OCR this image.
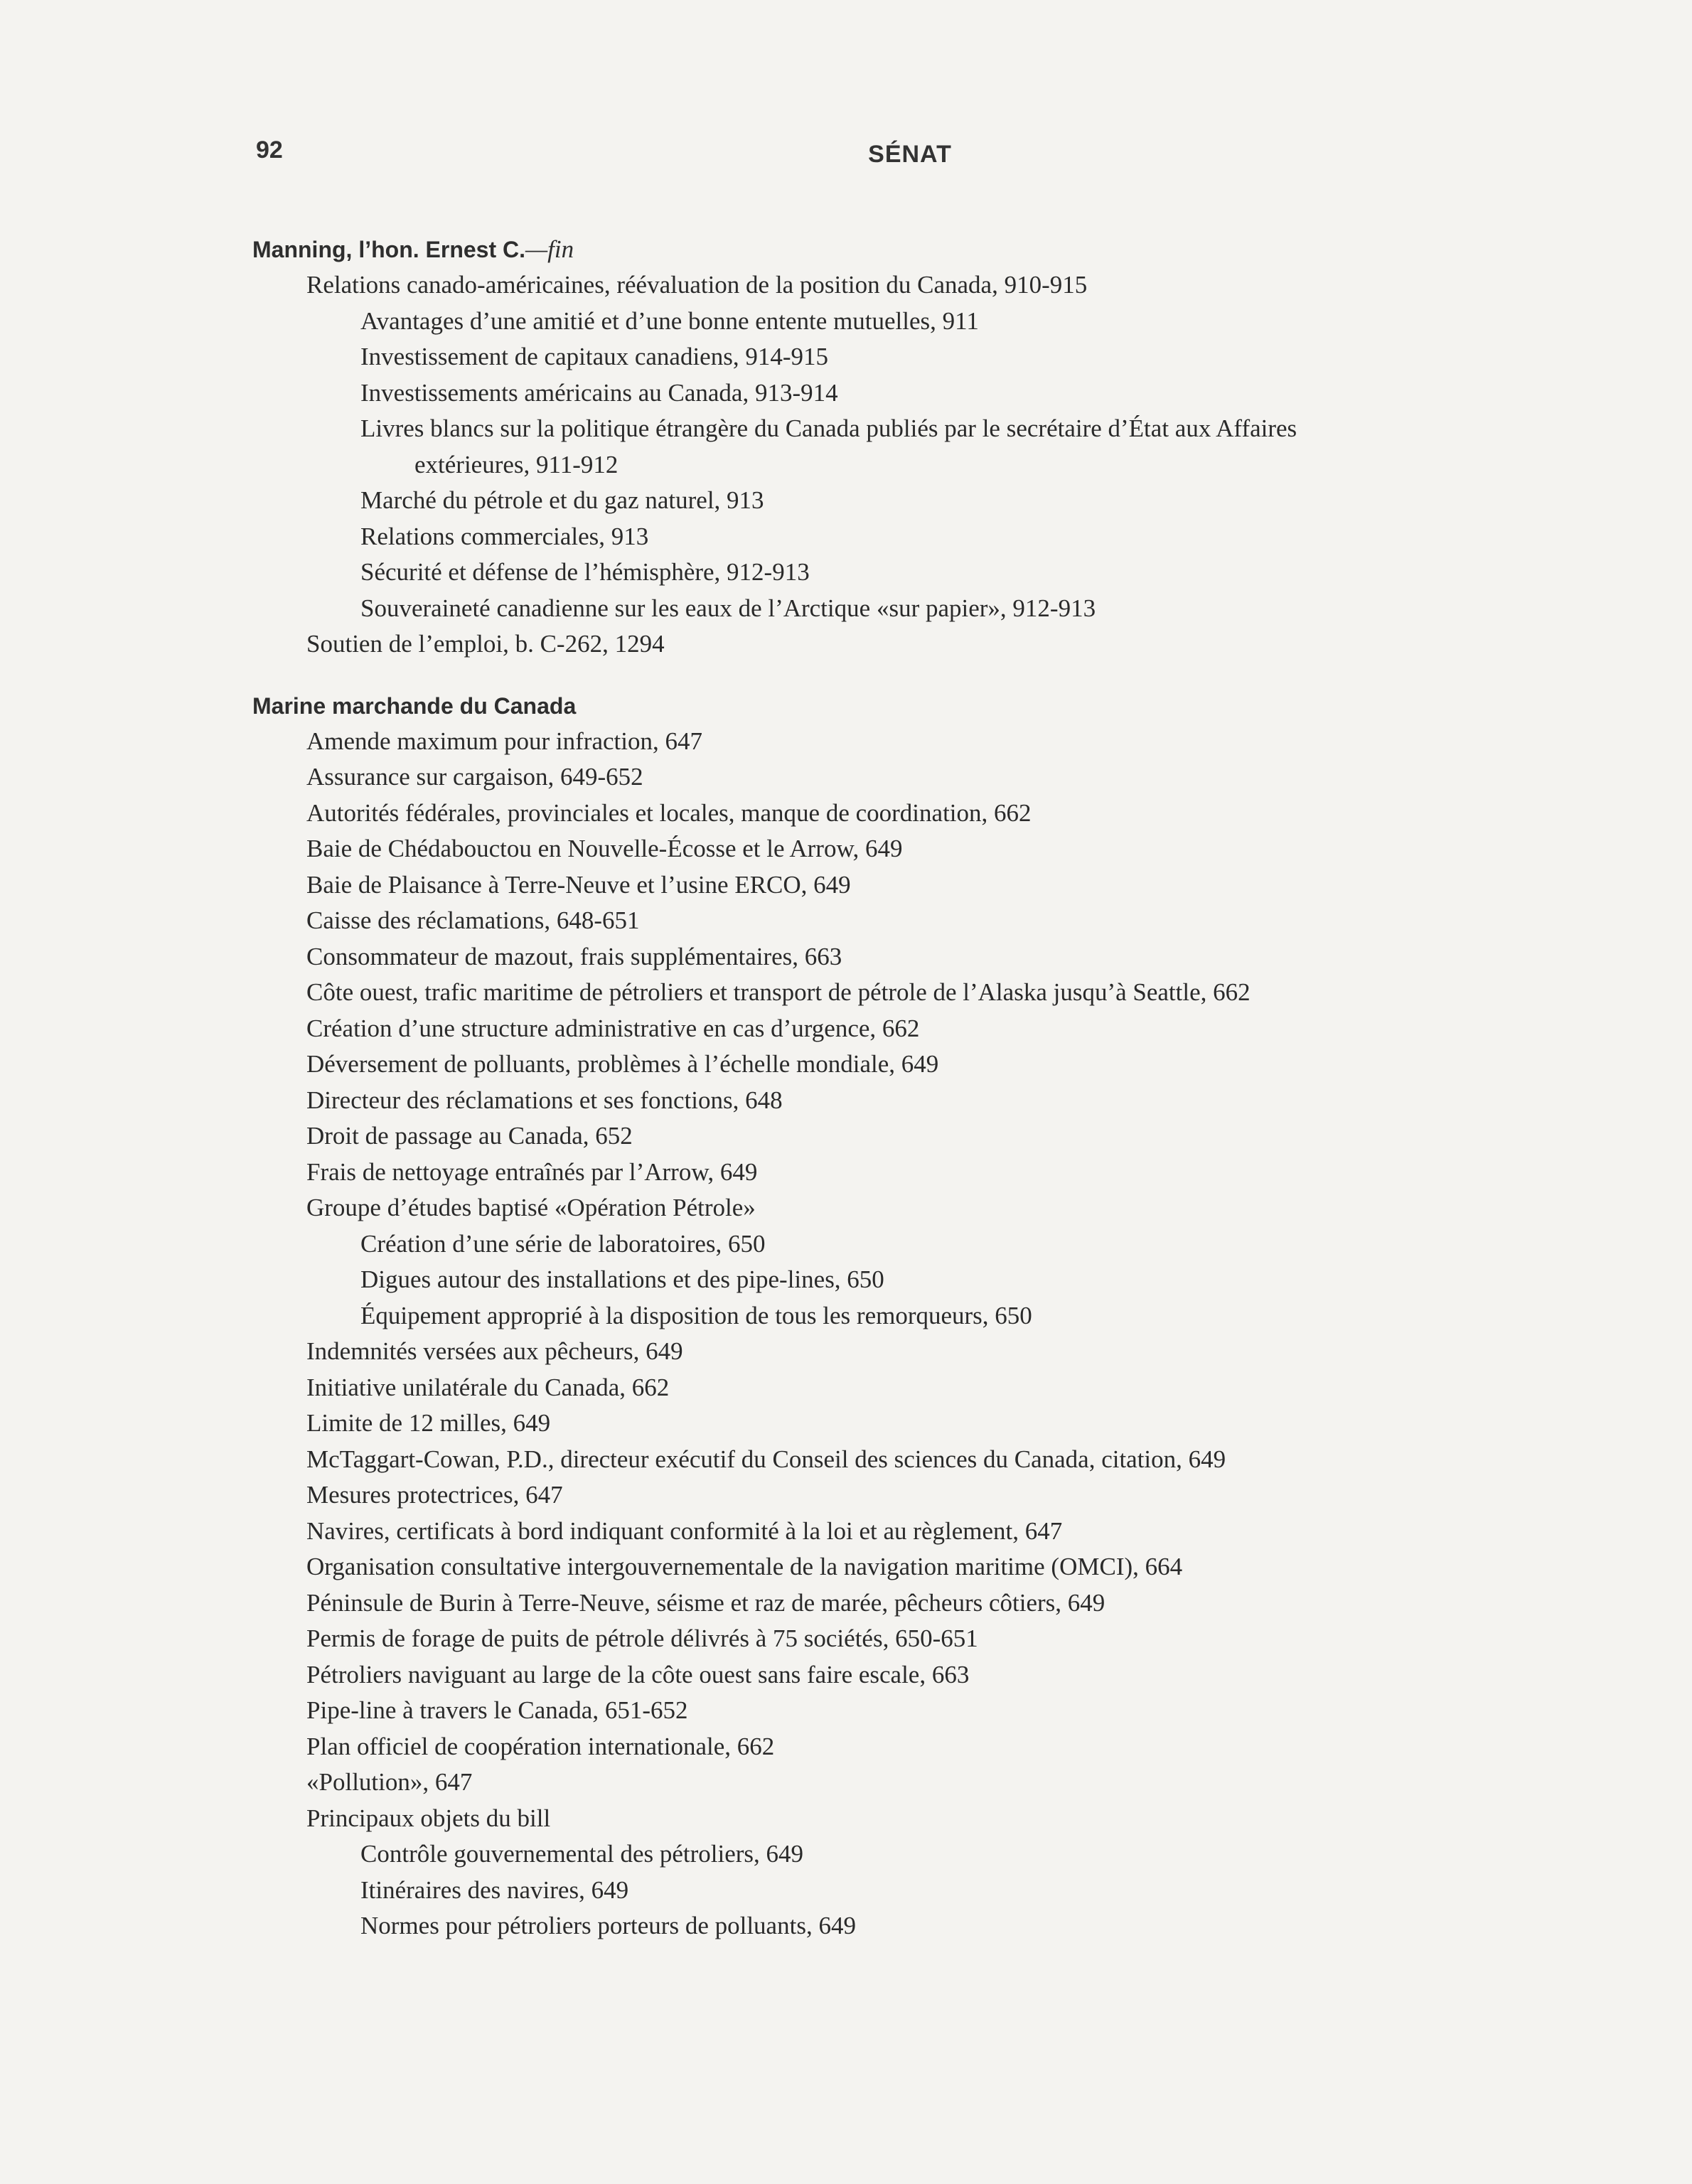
92	SÉNAT
Manning, l’hon. Ernest C.—fin
Relations canado-américaines, réévaluation de la position du Canada, 910-915
Avantages d’une amitié et d’une bonne entente mutuelles, 911
Investissement de capitaux canadiens, 914-915
Investissements américains au Canada, 913-914
Livres blancs sur la politique étrangère du Canada publiés par le secrétaire d’État aux Affaires
extérieures, 911-912
Marché du pétrole et du gaz naturel, 913
Relations commerciales, 913
Sécurité et défense de l’hémisphère, 912-913
Souveraineté canadienne sur les eaux de l’Arctique «sur papier», 912-913
Soutien de l’emploi, b. C-262, 1294
Marine marchande du Canada
Amende maximum pour infraction, 647
Assurance sur cargaison, 649-652
Autorités fédérales, provinciales et locales, manque de coordination, 662
Baie de Chédabouctou en Nouvelle-Écosse et le Arrow, 649
Baie de Plaisance à Terre-Neuve et l’usine ERCO, 649
Caisse des réclamations, 648-651
Consommateur de mazout, frais supplémentaires, 663
Côte ouest, trafic maritime de pétroliers et transport de pétrole de l’Alaska jusqu’à Seattle, 662
Création d’une structure administrative en cas d’urgence, 662
Déversement de polluants, problèmes à l’échelle mondiale, 649
Directeur des réclamations et ses fonctions, 648
Droit de passage au Canada, 652
Frais de nettoyage entraînés par l’Arrow, 649
Groupe d’études baptisé «Opération Pétrole»
Création d’une série de laboratoires, 650
Digues autour des installations et des pipe-lines, 650
Équipement approprié à la disposition de tous les remorqueurs, 650
Indemnités versées aux pêcheurs, 649
Initiative unilatérale du Canada, 662
Limite de 12 milles, 649
McTaggart-Cowan, P.D., directeur exécutif du Conseil des sciences du Canada, citation, 649
Mesures protectrices, 647
Navires, certificats à bord indiquant conformité à la loi et au règlement, 647
Organisation consultative intergouvernementale de la navigation maritime (OMCI), 664
Péninsule de Burin à Terre-Neuve, séisme et raz de marée, pêcheurs côtiers, 649
Permis de forage de puits de pétrole délivrés à 75 sociétés, 650-651
Pétroliers naviguant au large de la côte ouest sans faire escale, 663
Pipe-line à travers le Canada, 651-652
Plan officiel de coopération internationale, 662
«Pollution», 647
Principaux objets du bill
Contrôle gouvernemental des pétroliers, 649
Itinéraires des navires, 649
Normes pour pétroliers porteurs de polluants, 649
